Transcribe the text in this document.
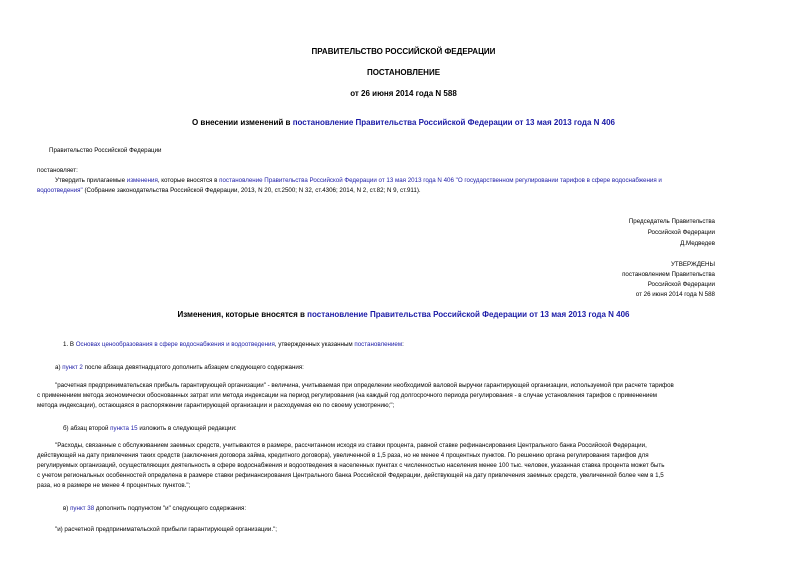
ПРАВИТЕЛЬСТВО РОССИЙСКОЙ ФЕДЕРАЦИИ
ПОСТАНОВЛЕНИЕ
от 26 июня 2014 года N 588
О внесении изменений в постановление Правительства Российской Федерации от 13 мая 2013 года N 406
Правительство Российской Федерации
постановляет:
Утвердить прилагаемые изменения, которые вносятся в постановление Правительства Российской Федерации от 13 мая 2013 года N 406 "О государственном регулировании тарифов в сфере водоснабжения и
водоотведения" (Собрание законодательства Российской Федерации, 2013, N 20, ст.2500; N 32, ст.4306; 2014, N 2, ст.82; N 9, ст.911).
Председатель Правительства
Российской Федерации
Д.Медведев
УТВЕРЖДЕНЫ
постановлением Правительства
Российской Федерации
от 26 июня 2014 года N 588
Изменения, которые вносятся в постановление Правительства Российской Федерации от 13 мая 2013 года N 406
1. В Основах ценообразования в сфере водоснабжения и водоотведения, утвержденных указанным постановлением:
а) пункт 2 после абзаца девятнадцатого дополнить абзацем следующего содержания:
"расчетная предпринимательская прибыль гарантирующей организации" - величина, учитываемая при определении необходимой валовой выручки гарантирующей организации, используемой при расчете тарифов
с применением метода экономически обоснованных затрат или метода индексации на период регулирования (на каждый год долгосрочного периода регулирования - в случае установления тарифов с применением
метода индексации), остающаяся в распоряжении гарантирующей организации и расходуемая ею по своему усмотрению;";
б) абзац второй пункта 15 изложить в следующей редакции:
"Расходы, связанные с обслуживанием заемных средств, учитываются в размере, рассчитанном исходя из ставки процента, равной ставке рефинансирования Центрального банка Российской Федерации,
действующей на дату привлечения таких средств (заключения договора займа, кредитного договора), увеличенной в 1,5 раза, но не менее 4 процентных пунктов. По решению органа регулирования тарифов для
регулируемых организаций, осуществляющих деятельность в сфере водоснабжения и водоотведения в населенных пунктах с численностью населения менее 100 тыс. человек, указанная ставка процента может быть
с учетом региональных особенностей определена в размере ставки рефинансирования Центрального банка Российской Федерации, действующей на дату привлечения заемных средств, увеличенной более чем в 1,5
раза, но в размере не менее 4 процентных пунктов.";
в) пункт 38 дополнить подпунктом "и" следующего содержания:
"и) расчетной предпринимательской прибыли гарантирующей организации.";
